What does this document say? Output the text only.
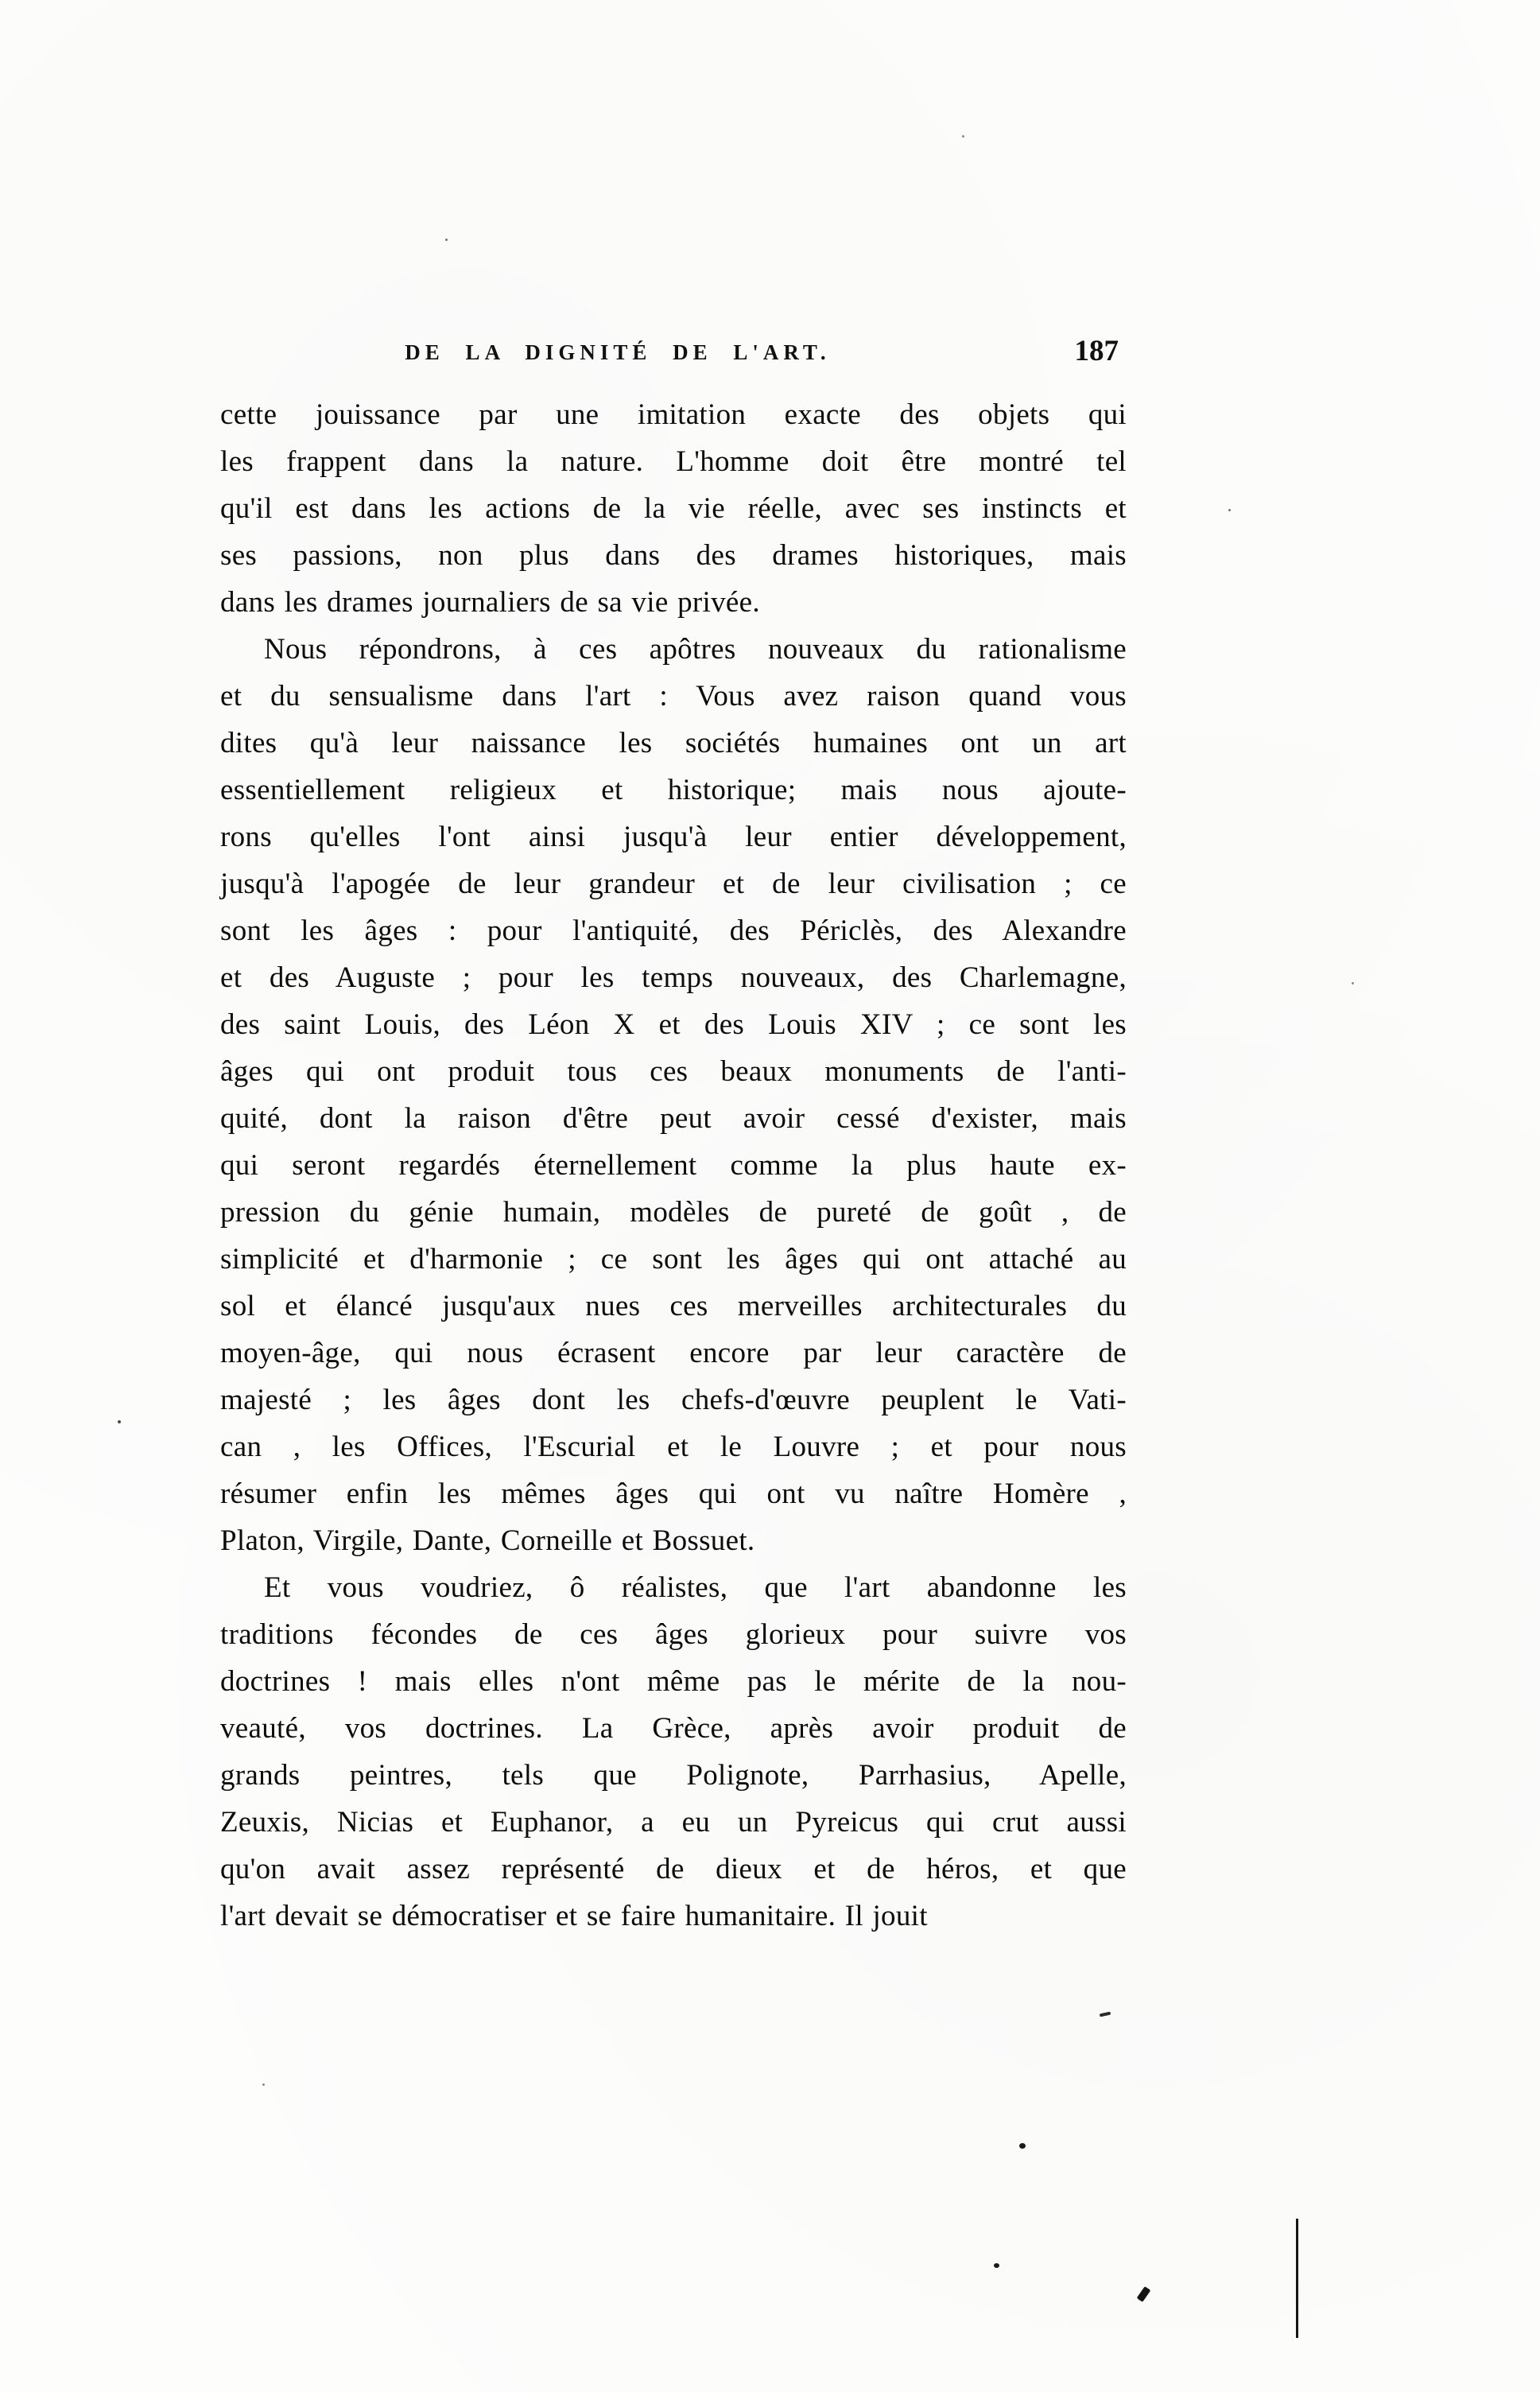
DE LA DIGNITÉ DE L'ART.	187
cette jouissance par une imitation exacte des objets qui
les frappent dans la nature. L'homme doit être montré tel
qu'il est dans les actions de la vie réelle, avec ses instincts et
ses passions, non plus dans des drames historiques, mais
dans les drames journaliers de sa vie privée.
Nous répondrons, à ces apôtres nouveaux du rationalisme
et du sensualisme dans l'art : Vous avez raison quand vous
dites qu'à leur naissance les sociétés humaines ont un art
essentiellement religieux et historique; mais nous ajoute-
rons qu'elles l'ont ainsi jusqu'à leur entier développement,
jusqu'à l'apogée de leur grandeur et de leur civilisation ; ce
sont les âges : pour l'antiquité, des Périclès, des Alexandre
et des Auguste ; pour les temps nouveaux, des Charlemagne,
des saint Louis, des Léon X et des Louis XIV ; ce sont les
âges qui ont produit tous ces beaux monuments de l'anti-
quité, dont la raison d'être peut avoir cessé d'exister, mais
qui seront regardés éternellement comme la plus haute ex-
pression du génie humain, modèles de pureté de goût , de
simplicité et d'harmonie ; ce sont les âges qui ont attaché au
sol et élancé jusqu'aux nues ces merveilles architecturales du
moyen-âge, qui nous écrasent encore par leur caractère de
majesté ; les âges dont les chefs-d'œuvre peuplent le Vati-
can , les Offices, l'Escurial et le Louvre ; et pour nous
résumer enfin les mêmes âges qui ont vu naître Homère ,
Platon, Virgile, Dante, Corneille et Bossuet.
Et vous voudriez, ô réalistes, que l'art abandonne les
traditions fécondes de ces âges glorieux pour suivre vos
doctrines ! mais elles n'ont même pas le mérite de la nou-
veauté, vos doctrines. La Grèce, après avoir produit de
grands peintres, tels que Polignote, Parrhasius, Apelle,
Zeuxis, Nicias et Euphanor, a eu un Pyreicus qui crut aussi
qu'on avait assez représenté de dieux et de héros, et que
l'art devait se démocratiser et se faire humanitaire. Il jouit
